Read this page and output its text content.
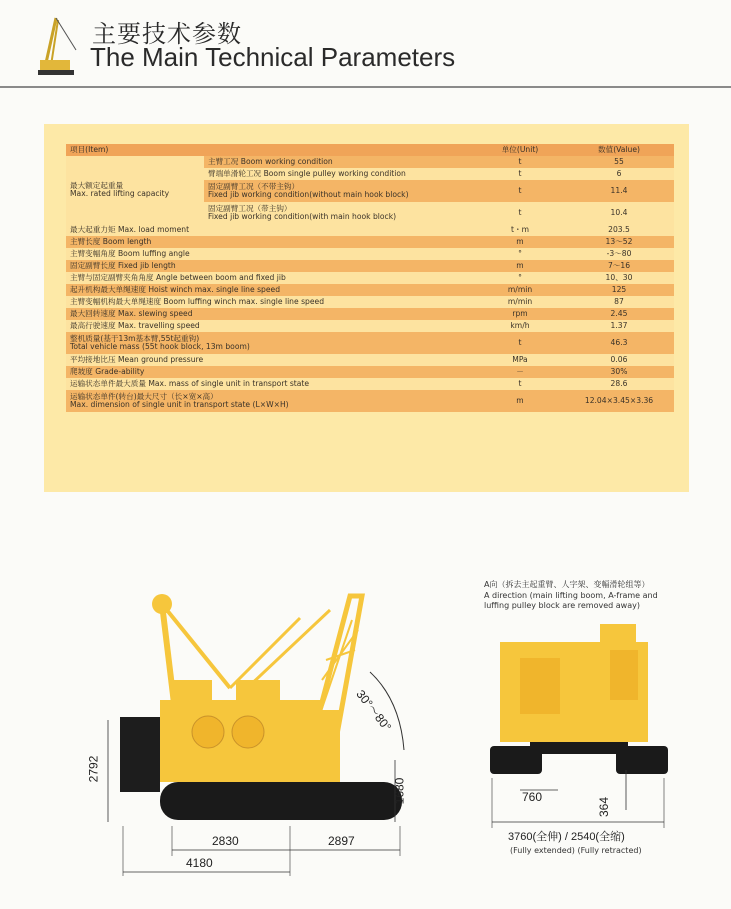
主要技术参数
The Main Technical Parameters
项目(Item)		单位(Unit)	数值(Value)

最大额定起重量
Max. rated lifting capacity	主臂工况 Boom working condition	t	55

	臂端单滑轮工况 Boom single pulley working condition	t	6

	固定副臂工况（不带主钩）
Fixed jib working condition(without main hook block)	t	11.4

	固定副臂工况（带主钩）
Fixed jib working condition(with main hook block)	t	10.4

最大起重力矩 Max. load moment		t・m	203.5

主臂长度 Boom length		m	13～52

主臂变幅角度 Boom luffing angle		°	-3～80

固定副臂长度 Fixed jib length		m	7～16

主臂与固定副臂夹角角度 Angle between boom and fixed jib		°	10、30

起升机构最大单绳速度 Hoist winch max. single line speed		m/min	125

主臂变幅机构最大单绳速度 Boom luffing winch max. single line speed		m/min	87

最大回转速度 Max. slewing speed		rpm	2.45

最高行驶速度 Max. travelling speed		km/h	1.37

整机质量(基于13m基本臂,55t起重钩)
Total vehicle mass (55t hook block, 13m boom)		t	46.3

平均接地比压 Mean ground pressure		MPa	0.06

爬坡度 Grade-ability		－	30%

运输状态单件最大质量 Max. mass of single unit in transport state		t	28.6

运输状态单件(转台)最大尺寸（长×宽×高）
Max. dimension of single unit in transport state (L×W×H)		m	12.04×3.45×3.36
30°～80°
2792
1680
2830	2897
4180
760	364
3760(全伸) / 2540(全缩)
(Fully extended) (Fully retracted)
A向（拆去主起重臂、人字架、变幅滑轮组等）
A direction (main lifting boom, A-frame and
luffing pulley block are removed away)
